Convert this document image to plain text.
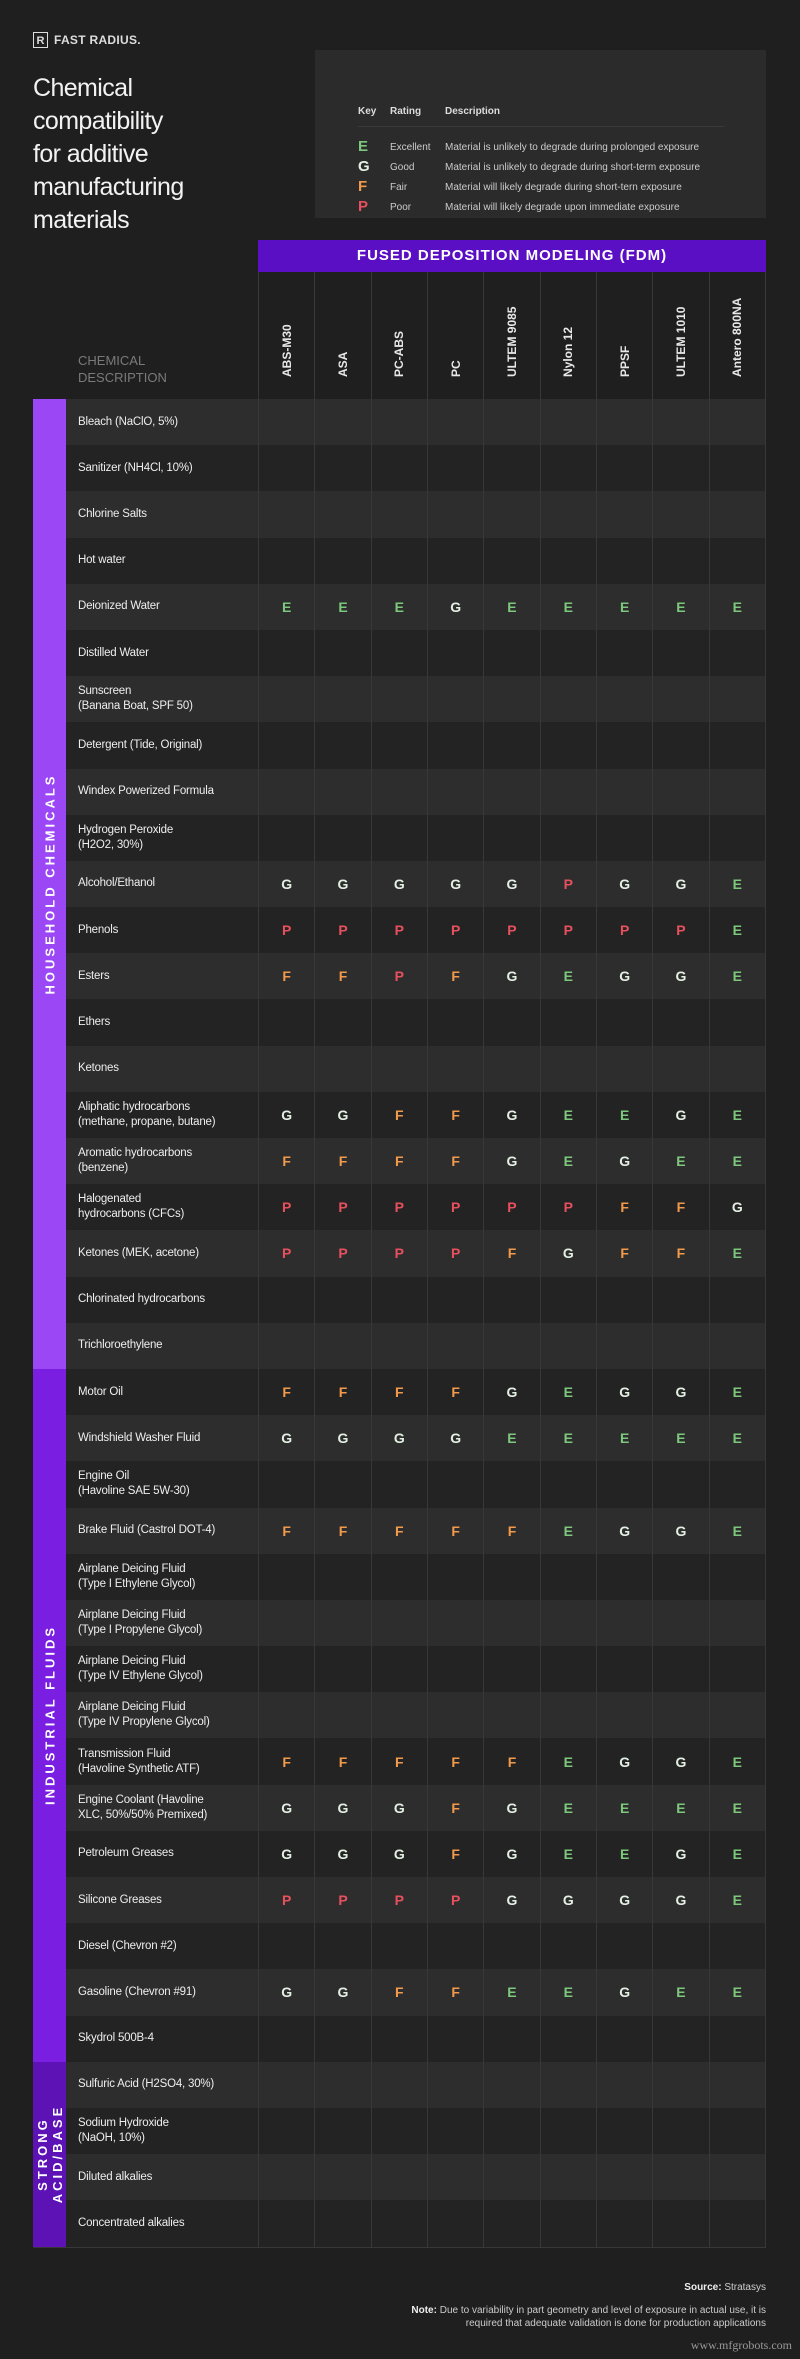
R FAST RADIUS.
Chemical
compatibility
for additive
manufacturing
materials
Key Rating Description
E Excellent Material is unlikely to degrade during prolonged exposure
G Good	Material is unlikely to degrade during short-term exposure
F Fair	Material will likely degrade during short-tern exposure
P Poor	Material will likely degrade upon immediate exposure
FUSED DEPOSITION MODELING (FDM)
CHEMICAL
DESCRIPTION
ABS-M30	ASA	PC-ABS	PC	ULTEM 9085	Nylon 12	PPSF	ULTEM 1010	Antero 800NA
HOUSEHOLD CHEMICALS
Bleach (NaClO, 5%)
Sanitizer (NH4Cl, 10%)
Chlorine Salts
Hot water
Deionized Water	E	E	E	G	E	E	E	E	E
Distilled Water
Sunscreen
(Banana Boat, SPF 50)
Detergent (Tide, Original)
Windex Powerized Formula
Hydrogen Peroxide
(H2O2, 30%)
Alcohol/Ethanol	G	G	G	G	G	P	G	G	E
Phenols	P	P	P	P	P	P	P	P	E
Esters	F	F	P	F	G	E	G	G	E
Ethers
Ketones
Aliphatic hydrocarbons
(methane, propane, butane)	G	G	F	F	G	E	E	G	E
Aromatic hydrocarbons
(benzene)	F	F	F	F	G	E	G	E	E
Halogenated
hydrocarbons (CFCs)	P	P	P	P	P	P	F	F	G
Ketones (MEK, acetone)	P	P	P	P	F	G	F	F	E
Chlorinated hydrocarbons
Trichloroethylene
INDUSTRIAL FLUIDS
Motor Oil	F	F	F	F	G	E	G	G	E
Windshield Washer Fluid	G	G	G	G	E	E	E	E	E
Engine Oil
(Havoline SAE 5W-30)
Brake Fluid (Castrol DOT-4)	F	F	F	F	F	E	G	G	E
Airplane Deicing Fluid
(Type I Ethylene Glycol)
Airplane Deicing Fluid
(Type I Propylene Glycol)
Airplane Deicing Fluid
(Type IV Ethylene Glycol)
Airplane Deicing Fluid
(Type IV Propylene Glycol)
Transmission Fluid
(Havoline Synthetic ATF)	F	F	F	F	F	E	G	G	E
Engine Coolant (Havoline
XLC, 50%/50% Premixed)	G	G	G	F	G	E	E	E	E
Petroleum Greases	G	G	G	F	G	E	E	G	E
Silicone Greases	P	P	P	P	G	G	G	G	E
Diesel (Chevron #2)
Gasoline (Chevron #91)	G	G	F	F	E	E	G	E	E
Skydrol 500B-4
STRONG
ACID/BASE
Sulfuric Acid (H2SO4, 30%)
Sodium Hydroxide
(NaOH, 10%)
Diluted alkalies
Concentrated alkalies
Source: Stratasys
Note: Due to variability in part geometry and level of exposure in actual use, it is required that adequate validation is done for production applications
www.mfgrobots.com
